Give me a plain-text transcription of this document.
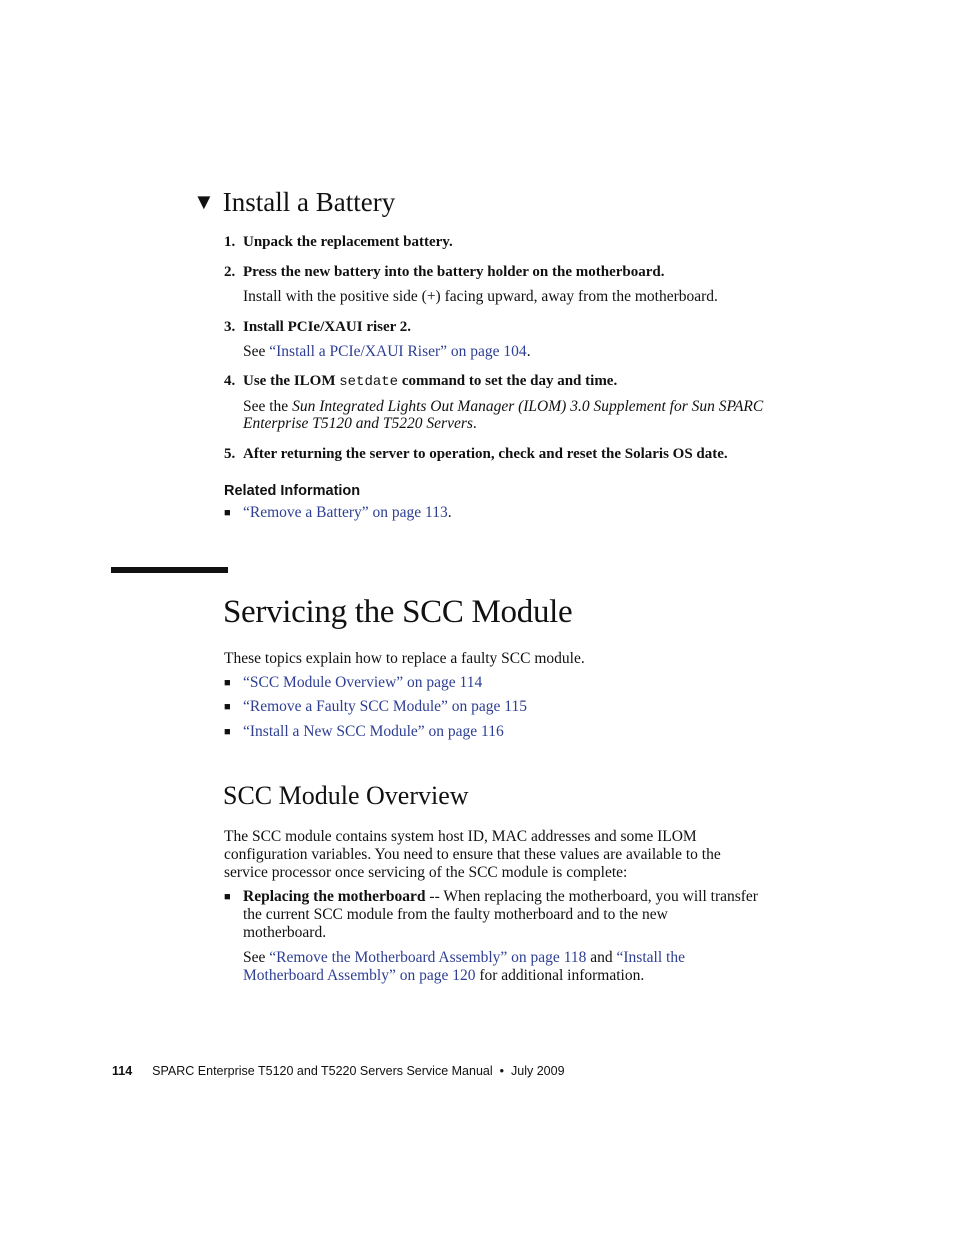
▼ Install a Battery
1. Unpack the replacement battery.
2. Press the new battery into the battery holder on the motherboard.
Install with the positive side (+) facing upward, away from the motherboard.
3. Install PCIe/XAUI riser 2.
See “Install a PCIe/XAUI Riser” on page 104.
4. Use the ILOM setdate command to set the day and time.
See the Sun Integrated Lights Out Manager (ILOM) 3.0 Supplement for Sun SPARC
Enterprise T5120 and T5220 Servers.
5. After returning the server to operation, check and reset the Solaris OS date.
Related Information
■ “Remove a Battery” on page 113.
Servicing the SCC Module
These topics explain how to replace a faulty SCC module.
■ “SCC Module Overview” on page 114
■ “Remove a Faulty SCC Module” on page 115
■ “Install a New SCC Module” on page 116
SCC Module Overview
The SCC module contains system host ID, MAC addresses and some ILOM
configuration variables. You need to ensure that these values are available to the
service processor once servicing of the SCC module is complete:
■ Replacing the motherboard -- When replacing the motherboard, you will transfer
the current SCC module from the faulty motherboard and to the new
motherboard.
See “Remove the Motherboard Assembly” on page 118 and “Install the
Motherboard Assembly” on page 120 for additional information.
114 SPARC Enterprise T5120 and T5220 Servers Service Manual • July 2009
